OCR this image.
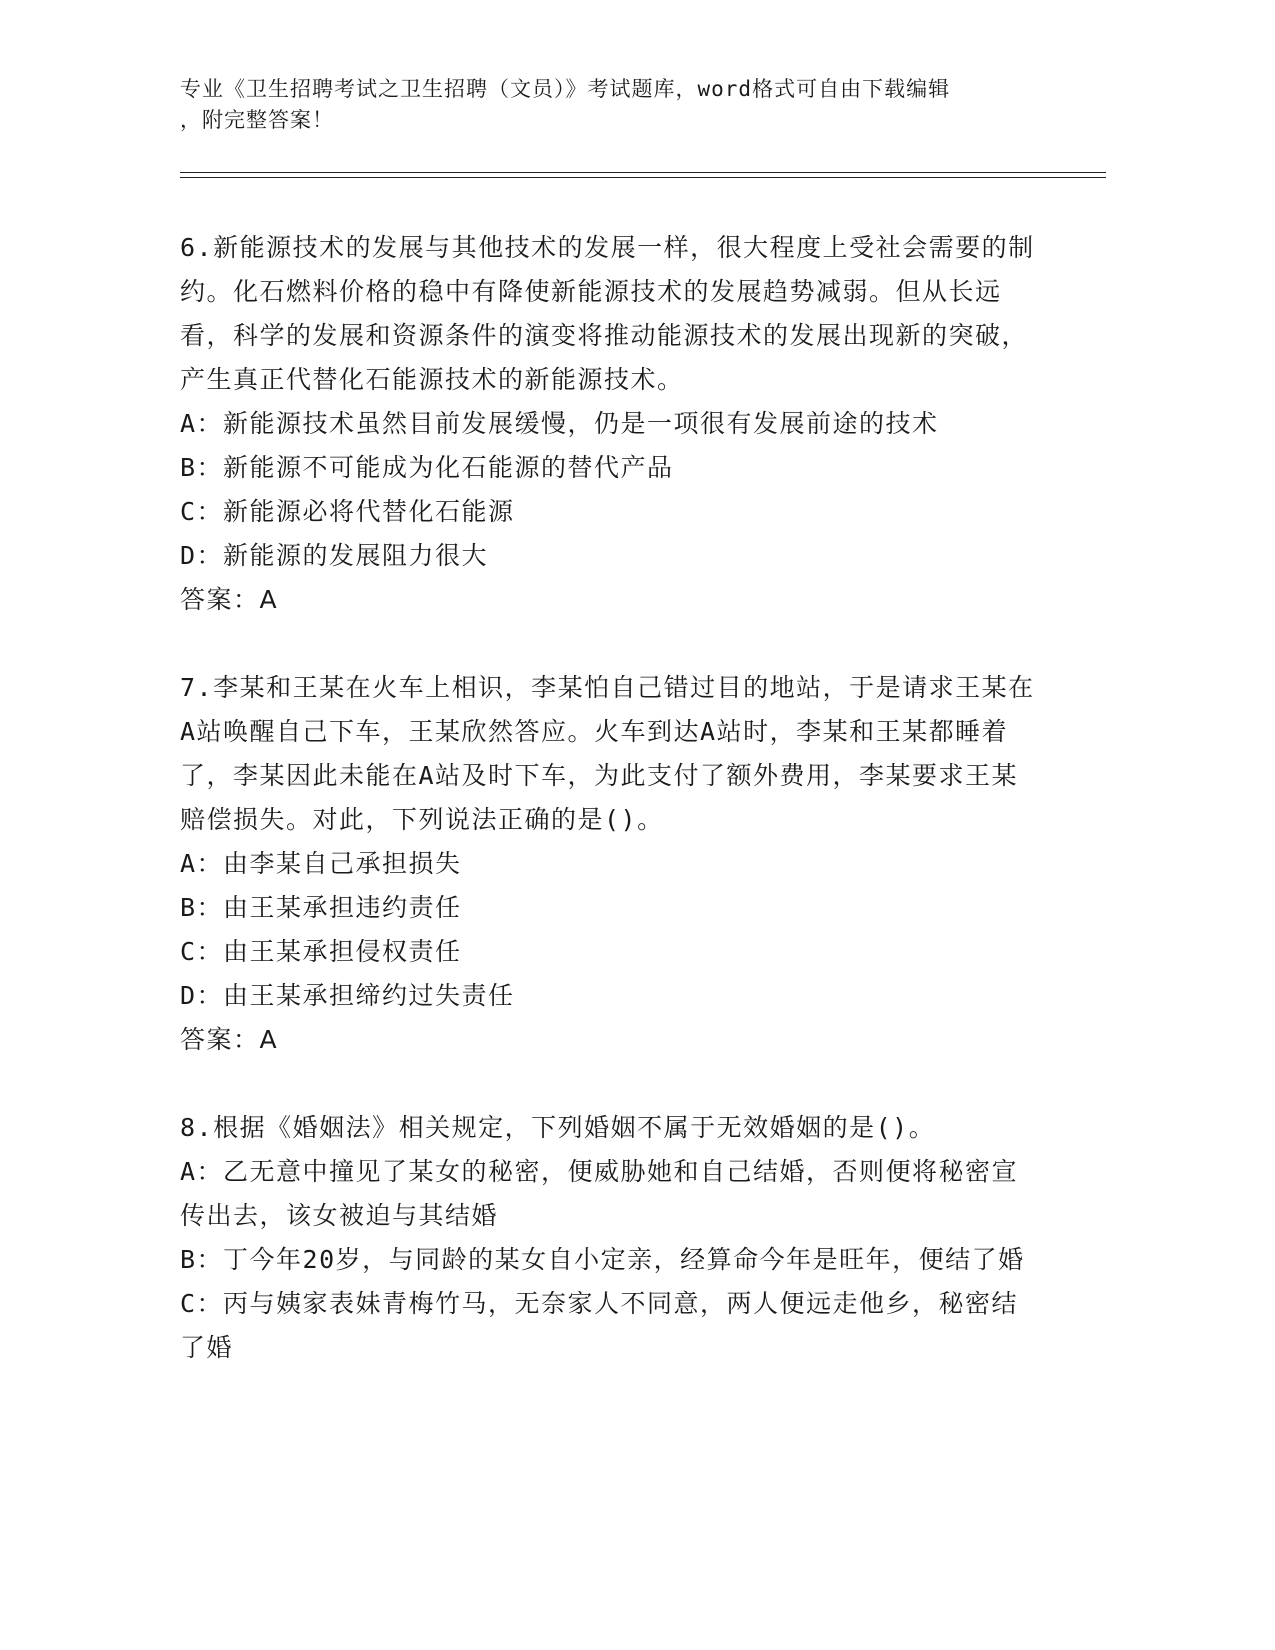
专业《卫生招聘考试之卫生招聘（文员）》考试题库，word格式可自由下载编辑
，附完整答案！

6.新能源技术的发展与其他技术的发展一样，很大程度上受社会需要的制约。化石燃料价格的稳中有降使新能源技术的发展趋势减弱。但从长远看，科学的发展和资源条件的演变将推动能源技术的发展出现新的突破，产生真正代替化石能源技术的新能源技术。

A：新能源技术虽然目前发展缓慢，仍是一项很有发展前途的技术

B：新能源不可能成为化石能源的替代产品

C：新能源必将代替化石能源

D：新能源的发展阻力很大

答案：A

7.李某和王某在火车上相识，李某怕自己错过目的地站，于是请求王某在A站唤醒自己下车，王某欣然答应。火车到达A站时，李某和王某都睡着了，李某因此未能在A站及时下车，为此支付了额外费用，李某要求王某赔偿损失。对此，下列说法正确的是()。

A：由李某自己承担损失

B：由王某承担违约责任

C：由王某承担侵权责任

D：由王某承担缔约过失责任

答案：A

8.根据《婚姻法》相关规定，下列婚姻不属于无效婚姻的是()。

A：乙无意中撞见了某女的秘密，便威胁她和自己结婚，否则便将秘密宣传出去，该女被迫与其结婚

B：丁今年20岁，与同龄的某女自小定亲，经算命今年是旺年，便结了婚

C：丙与姨家表妹青梅竹马，无奈家人不同意，两人便远走他乡，秘密结了婚
